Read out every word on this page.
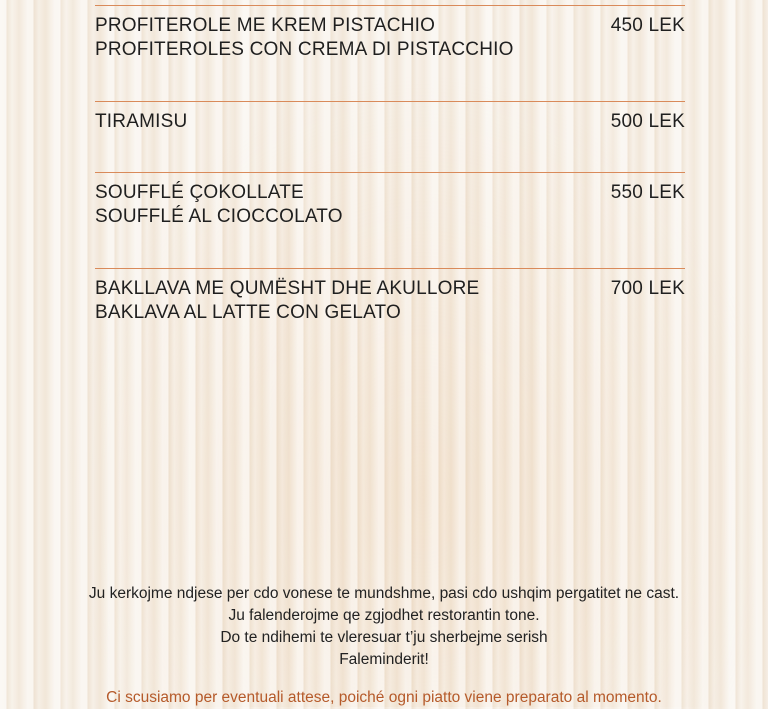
PROFITEROLE ME KREM PISTACHIO
PROFITEROLES CON CREMA DI PISTACCHIO
450 LEK
TIRAMISU	500 LEK
SOUFFLÉ ÇOKOLLATE
SOUFFLÉ AL CIOCCOLATO
550 LEK
BAKLLAVA ME QUMËSHT DHE AKULLORE
BAKLAVA AL LATTE CON GELATO
700 LEK
Ju kerkojme ndjese per cdo vonese te mundshme, pasi cdo ushqim pergatitet ne cast.
Ju falenderojme qe zgjodhet restorantin tone.
Do te ndihemi te vleresuar t’ju sherbejme serish
Faleminderit!
Ci scusiamo per eventuali attese, poiché ogni piatto viene preparato al momento.
